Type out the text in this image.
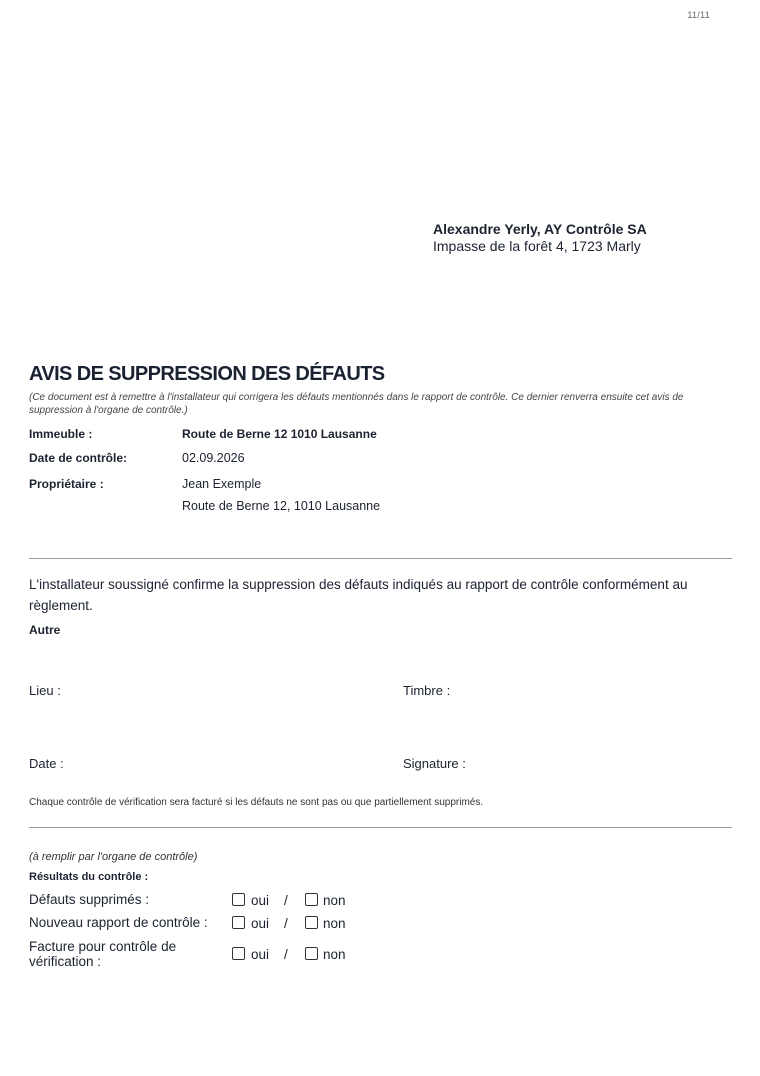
11/11
Alexandre Yerly, AY Contrôle SA
Impasse de la forêt 4, 1723 Marly
AVIS DE SUPPRESSION DES DÉFAUTS
(Ce document est à remettre à l'installateur qui corrigera les défauts mentionnés dans le rapport de contrôle. Ce dernier renverra ensuite cet avis de suppression à l'organe de contrôle.)
Immeuble :	Route de Berne 12 1010 Lausanne
Date de contrôle:	02.09.2026
Propriétaire :	Jean Exemple
Route de Berne 12, 1010 Lausanne
L'installateur soussigné confirme la suppression des défauts indiqués au rapport de contrôle conformément au règlement.
Autre
Lieu :	Timbre :
Date :	Signature :
Chaque contrôle de vérification sera facturé si les défauts ne sont pas ou que partiellement supprimés.
(à remplir par l'organe de contrôle)
Résultats du contrôle :
Défauts supprimés :	oui /	non
Nouveau rapport de contrôle :	oui /	non
Facture pour contrôle de vérification :	oui /	non
